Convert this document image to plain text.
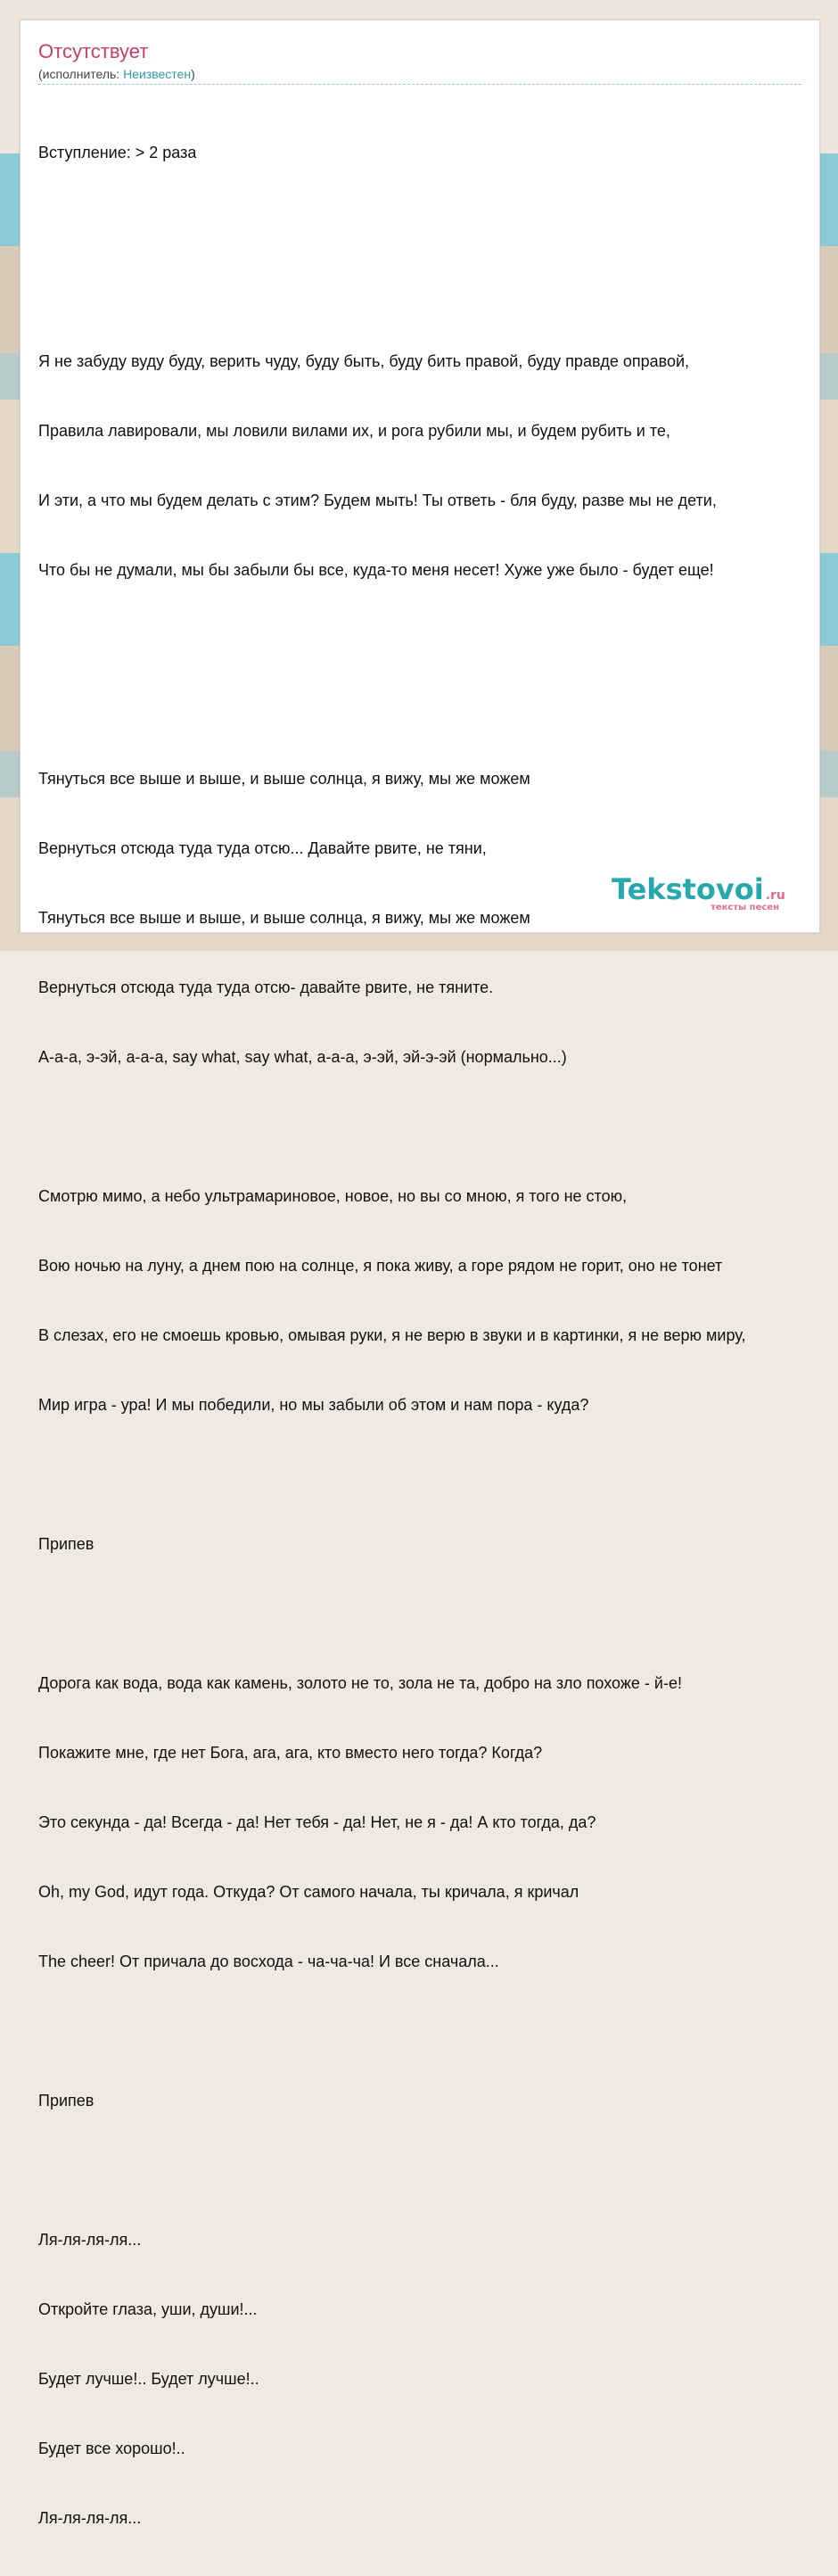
Отсутствует
(исполнитель: Неизвестен)

Вступление: > 2 раза

Я не забуду вуду буду, верить чуду, буду быть, буду бить правой, буду правде оправой,

Правила лавировали, мы ловили вилами их, и рога рубили мы, и будем рубить и те,

И эти, а что мы будем делать с этим? Будем мыть! Ты ответь - бля буду, разве мы не дети,

Что бы не думали, мы бы забыли бы все, куда-то меня несет! Хуже уже было - будет еще!

Тянуться все выше и выше, и выше солнца, я вижу, мы же можем

Вернуться отсюда туда туда отсю... Давайте рвите, не тяни,

Тянуться все выше и выше, и выше солнца, я вижу, мы же можем

Вернуться отсюда туда туда отсю- давайте рвите, не тяните.

А-а-а, э-эй, а-а-а, say what, say what, а-а-а, э-эй, эй-э-эй (нормально...)

Смотрю мимо, а небо ультрамариновое, новое, но вы со мною, я того не стою,

Вою ночью на луну, а днем пою на солнце, я пока живу, а горе рядом не горит, оно не тонет

В слезах, его не смоешь кровью, омывая руки, я не верю в звуки и в картинки, я не верю миру,

Мир игра - ура! И мы победили, но мы забыли об этом и нам пора - куда?

Припев

Дорога как вода, вода как камень, золото не то, зола не та, добро на зло похоже - й-е!

Покажите мне, где нет Бога, ага, ага, кто вместо него тогда? Когда?

Это секунда - да! Всегда - да! Нет тебя - да! Нет, не я - да! А кто тогда, да?

Oh, my God, идут года. Откуда? От самого начала, ты кричала, я кричал

The cheer! От причала до восхода - ча-ча-ча! И все сначала...

Припев

Ля-ля-ля-ля...

Откройте глаза, уши, души!...

Будет лучше!.. Будет лучше!..

Будет все хорошо!..

Ля-ля-ля-ля...

Tekstovoi .ru
тексты песен
